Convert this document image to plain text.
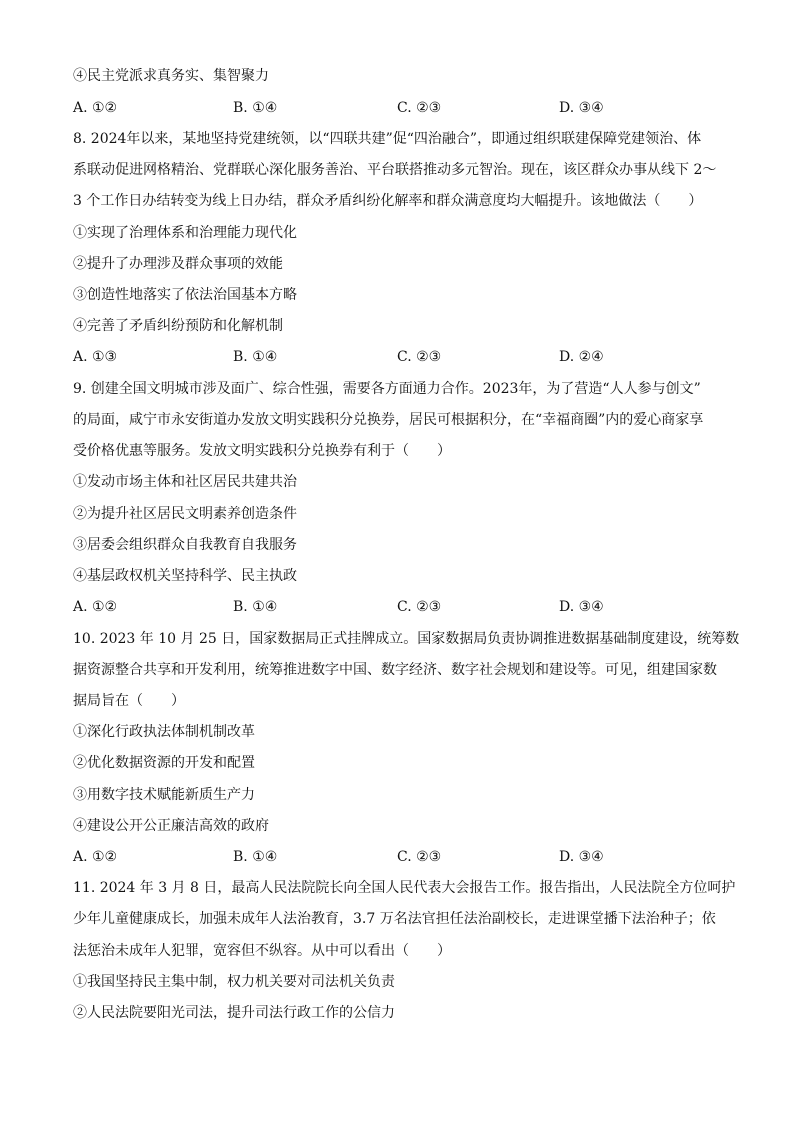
④民主党派求真务实、集智聚力
A. ①②	B. ①④	C. ②③	D. ③④
8. 2024年以来，某地坚持党建统领，以“四联共建”促“四治融合”，即通过组织联建保障党建领治、体
系联动促进网格精治、党群联心深化服务善治、平台联搭推动多元智治。现在，该区群众办事从线下 2～
3 个工作日办结转变为线上日办结，群众矛盾纠纷化解率和群众满意度均大幅提升。该地做法（　　）
①实现了治理体系和治理能力现代化
②提升了办理涉及群众事项的效能
③创造性地落实了依法治国基本方略
④完善了矛盾纠纷预防和化解机制
A. ①③	B. ①④	C. ②③	D. ②④
9. 创建全国文明城市涉及面广、综合性强，需要各方面通力合作。2023年，为了营造“人人参与创文”
的局面，咸宁市永安街道办发放文明实践积分兑换券，居民可根据积分，在“幸福商圈”内的爱心商家享
受价格优惠等服务。发放文明实践积分兑换券有利于（　　）
①发动市场主体和社区居民共建共治
②为提升社区居民文明素养创造条件
③居委会组织群众自我教育自我服务
④基层政权机关坚持科学、民主执政
A. ①②	B. ①④	C. ②③	D. ③④
10. 2023 年 10 月 25 日，国家数据局正式挂牌成立。国家数据局负责协调推进数据基础制度建设，统筹数
据资源整合共享和开发利用，统筹推进数字中国、数字经济、数字社会规划和建设等。可见，组建国家数
据局旨在（　　）
①深化行政执法体制机制改革
②优化数据资源的开发和配置
③用数字技术赋能新质生产力
④建设公开公正廉洁高效的政府
A. ①②	B. ①④	C. ②③	D. ③④
11. 2024 年 3 月 8 日，最高人民法院院长向全国人民代表大会报告工作。报告指出，人民法院全方位呵护
少年儿童健康成长，加强未成年人法治教育，3.7 万名法官担任法治副校长，走进课堂播下法治种子；依
法惩治未成年人犯罪，宽容但不纵容。从中可以看出（　　）
①我国坚持民主集中制，权力机关要对司法机关负责
②人民法院要阳光司法，提升司法行政工作的公信力
